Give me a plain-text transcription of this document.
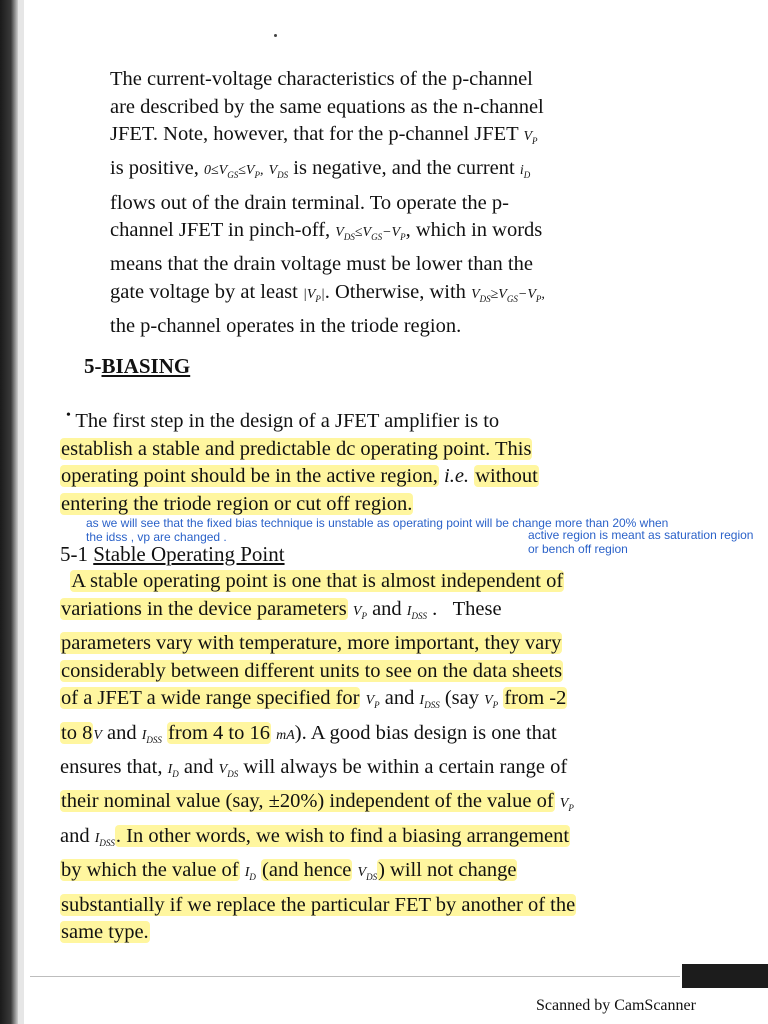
The current-voltage characteristics of the p-channel
are described by the same equations as the n-channel
JFET. Note, however, that for the p-channel JFET $V_P$
is positive, $0\le V_{GS}\le V_P$, $V_{DS}$ is negative, and the current $i_D$
flows out of the drain terminal. To operate the p-
channel JFET in pinch-off, $V_{DS}\le V_{GS}-V_P$, which in words
means that the drain voltage must be lower than the
gate voltage by at least $|V_P|$. Otherwise, with $V_{DS}\ge V_{GS}-V_P$,
the p-channel operates in the triode region.
5-BIASING
• The first step in the design of a JFET amplifier is to
establish a stable and predictable dc operating point. This
operating point should be in the active region, i.e. without
entering the triode region or cut off region.
as we will see that the fixed bias technique is unstable as operating point will be change more than 20% when the idss , vp are changed .	active region is meant as saturation region or bench off region
5-1 Stable Operating Point
A stable operating point is one that is almost independent of
variations in the device parameters $V_P$ and $I_{DSS}$ .   These
parameters vary with temperature, more important, they vary
considerably between different units to see on the data sheets
of a JFET a wide range specified for $V_P$ and $I_{DSS}$ (say $V_P$ from -2
to 8V and $I_{DSS}$ from 4 to 16 mA). A good bias design is one that
ensures that, $I_D$ and $V_{DS}$ will always be within a certain range of
their nominal value (say, ±20%) independent of the value of $V_P$
and $I_{DSS}$. In other words, we wish to find a biasing arrangement
by which the value of $I_D$ (and hence $V_{DS}$) will not change
substantially if we replace the particular FET by another of the
same type.
Scanned by CamScanner
